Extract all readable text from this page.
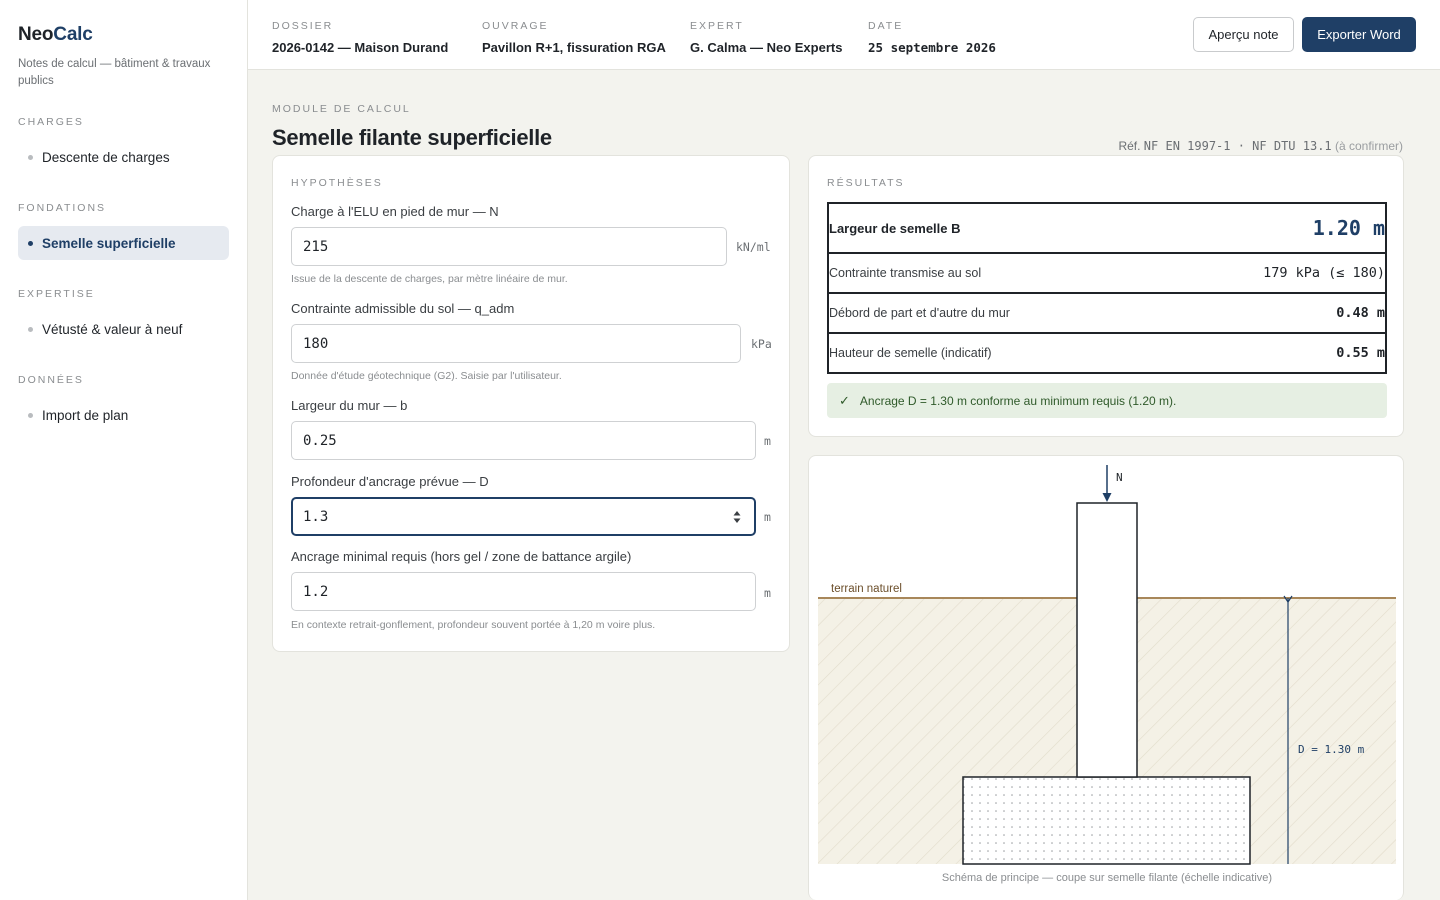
NeoCalc
Notes de calcul — bâtiment & travaux publics
CHARGES
Descente de charges
FONDATIONS
Semelle superficielle
EXPERTISE
Vétusté & valeur à neuf
DONNÉES
Import de plan
DOSSIER
2026-0142 — Maison Durand
OUVRAGE
Pavillon R+1, fissuration RGA
EXPERT
G. Calma — Neo Experts
DATE
25 septembre 2026
Aperçu note	Exporter Word
MODULE DE CALCUL
Semelle filante superficielle	Réf. NF EN 1997-1 · NF DTU 13.1 (à confirmer)
HYPOTHÈSES
Charge à l'ELU en pied de mur — N
215	kN/ml
Issue de la descente de charges, par mètre linéaire de mur.
Contrainte admissible du sol — q_adm
180	kPa
Donnée d'étude géotechnique (G2). Saisie par l'utilisateur.
Largeur du mur — b
0.25	m
Profondeur d'ancrage prévue — D
1.3	m
Ancrage minimal requis (hors gel / zone de battance argile)
1.2	m
En contexte retrait-gonflement, profondeur souvent portée à 1,20 m voire plus.
RÉSULTATS
Largeur de semelle B	1.20 m
Contrainte transmise au sol	179 kPa (≤ 180)
Débord de part et d'autre du mur	0.48 m
Hauteur de semelle (indicatif)	0.55 m
✓ Ancrage D = 1.30 m conforme au minimum requis (1.20 m).
terrain naturel
N
D = 1.30 m
Schéma de principe — coupe sur semelle filante (échelle indicative)
